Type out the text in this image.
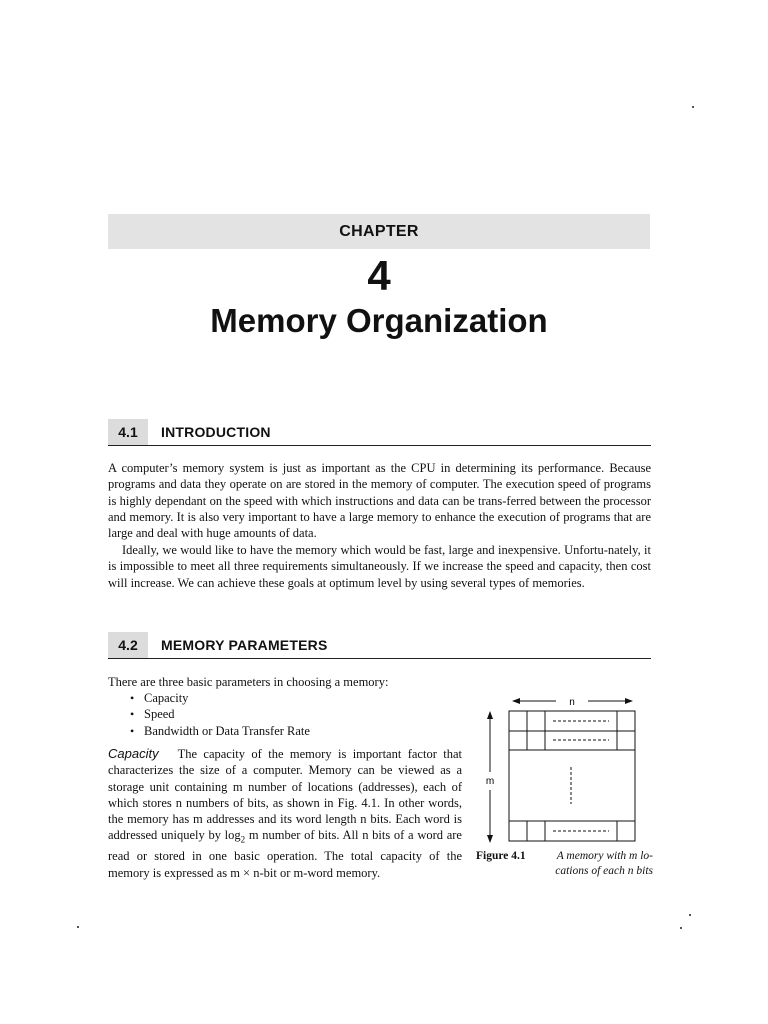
CHAPTER
4
Memory Organization
4.1	INTRODUCTION

A computer’s memory system is just as important as the CPU in determining its performance. Because programs and data they operate on are stored in the memory of computer. The execution speed of programs is highly dependant on the speed with which instructions and data can be trans-ferred between the processor and memory. It is also very important to have a large memory to enhance the execution of programs that are large and deal with huge amounts of data.

Ideally, we would like to have the memory which would be fast, large and inexpensive. Unfortu-nately, it is impossible to meet all three requirements simultaneously. If we increase the speed and capacity, then cost will increase. We can achieve these goals at optimum level by using several types of memories.

4.2	MEMORY PARAMETERS

There are three basic parameters in choosing a memory:

• Capacity
• Speed
• Bandwidth or Data Transfer Rate

Capacity The capacity of the memory is important factor that characterizes the size of a computer. Memory can be viewed as a storage unit containing m number of locations (addresses), each of which stores n numbers of bits, as shown in Fig. 4.1. In other words, the memory has m addresses and its word length n bits. Each word is addressed uniquely by $\log_2 m$ number of bits. All n bits of a word are read or stored in one basic operation. The total capacity of the memory is expressed as m × n-bit or m-word memory.

n
m
Figure 4.1	A memory with m lo-cations of each n bits
